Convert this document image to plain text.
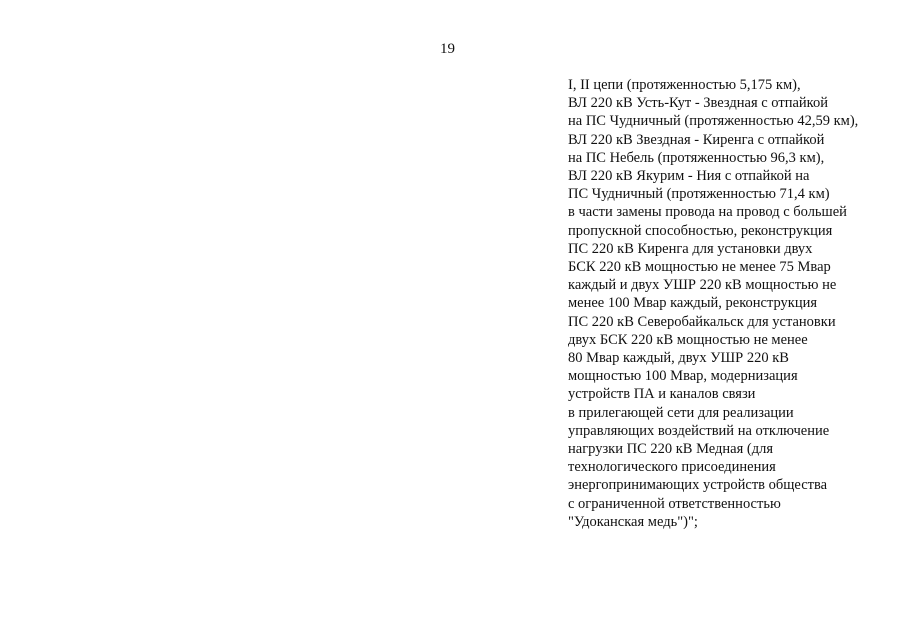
19
I, II цепи (протяженностью 5,175 км),
ВЛ 220 кВ Усть-Кут - Звездная с отпайкой
на ПС Чудничный (протяженностью 42,59 км),
ВЛ 220 кВ Звездная - Киренга с отпайкой
на ПС Небель (протяженностью 96,3 км),
ВЛ 220 кВ Якурим - Ния с отпайкой на
ПС Чудничный (протяженностью 71,4 км)
в части замены провода на провод с большей
пропускной способностью, реконструкция
ПС 220 кВ Киренга для установки двух
БСК 220 кВ мощностью не менее 75 Мвар
каждый и двух УШР 220 кВ мощностью не
менее 100 Мвар каждый, реконструкция
ПС 220 кВ Северобайкальск для установки
двух БСК 220 кВ мощностью не менее
80 Мвар каждый, двух УШР 220 кВ
мощностью 100 Мвар, модернизация
устройств ПА и каналов связи
в прилегающей сети для реализации
управляющих воздействий на отключение
нагрузки ПС 220 кВ Медная (для
технологического присоединения
энергопринимающих устройств общества
с ограниченной ответственностью
"Удоканская медь")";
